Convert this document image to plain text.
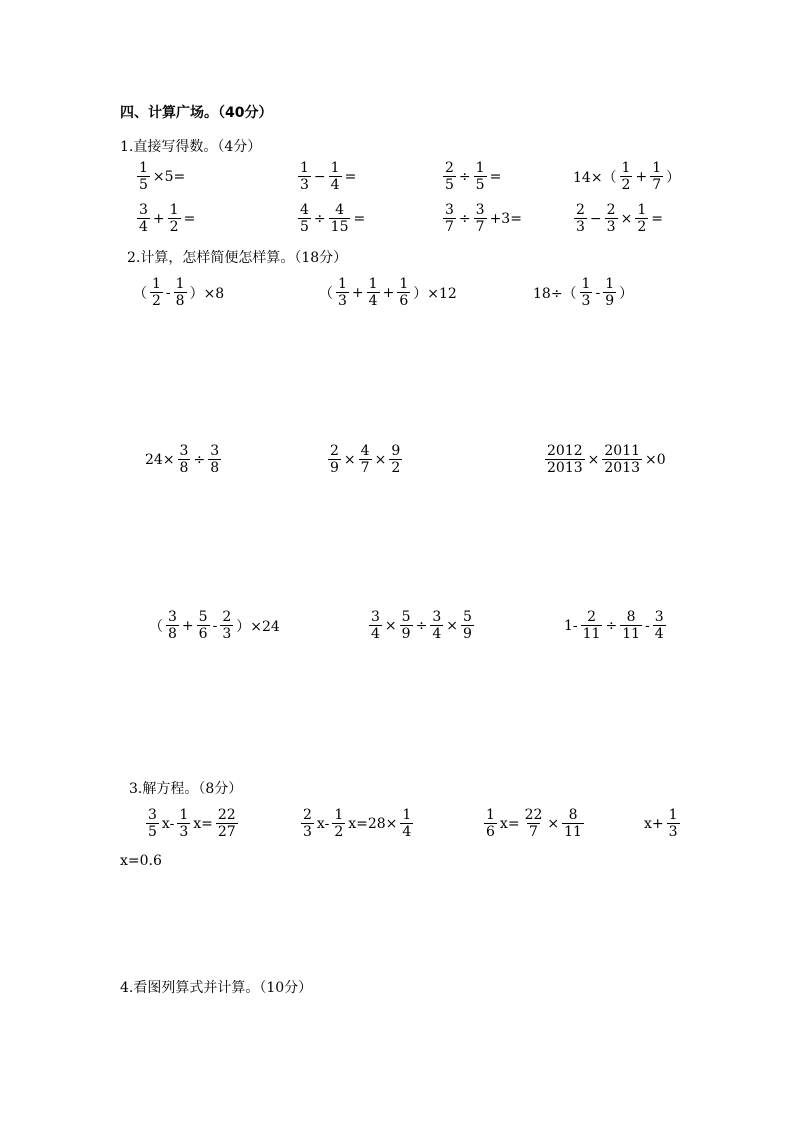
四、计算广场。（40分）
1.直接写得数。（4分）
$\frac{1}{5} \times 5=$	$\frac{1}{3} - \frac{1}{4}$ =	$\frac{2}{5} \div \frac{1}{5}$ =	$14\times( \frac{1}{2} + \frac{1}{7}$ ）
$\frac{3}{4} + \frac{1}{2}$ =	$\frac{4}{5} \div \frac{4}{15}$ =	$\frac{3}{7} \div \frac{3}{7} +3=$	$\frac{2}{3} - \frac{2}{3} \times \frac{1}{2}$ =
2.计算，怎样简便怎样算。（18分）
（ $\frac{1}{2} - \frac{1}{8} )\times 8$	（ $\frac{1}{3} + \frac{1}{4} + \frac{1}{6} )\times 12$	$18\div( \frac{1}{3} - \frac{1}{9}$ ）
$24\times \frac{3}{8} \div \frac{3}{8}$	$\frac{2}{9} \times \frac{4}{7} \times \frac{9}{2}$	$\frac{2012}{2013} \times \frac{2011}{2013} \times 0$
（ $\frac{3}{8} + \frac{5}{6} - \frac{2}{3} )\times 24$	$\frac{3}{4} \times \frac{5}{9} \div \frac{3}{4} \times \frac{5}{9}$	$1- \frac{2}{11} \div \frac{8}{11} - \frac{3}{4}$
3.解方程。（8分）
$\frac{3}{5} x- \frac{1}{3} x= \frac{22}{27}$	$\frac{2}{3} x- \frac{1}{2} x=28\times \frac{1}{4}$	$\frac{1}{6} x= \frac{22}{7} \times \frac{8}{11}$	$x+ \frac{1}{3}$
x=0.6
4.看图列算式并计算。（10分）
